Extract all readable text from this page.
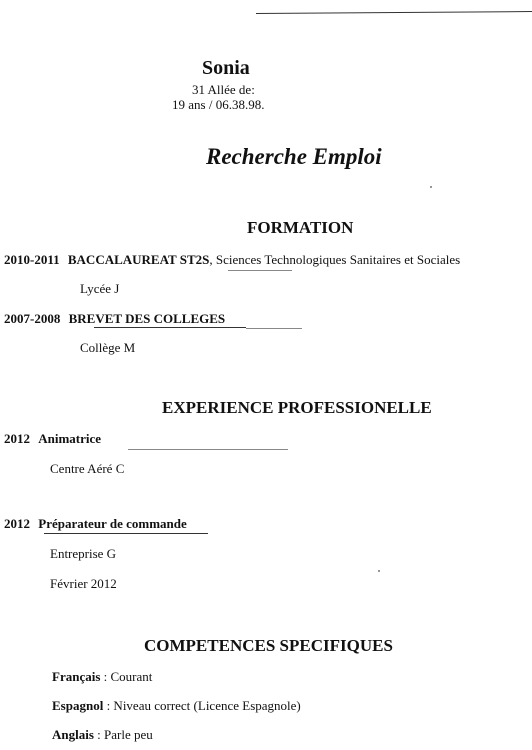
Sonia
31 Allée de:
19 ans / 06.38.98.
Recherche Emploi
FORMATION
2010-2011 BACCALAUREAT ST2S, Sciences Technologiques Sanitaires et Sociales
Lycée J
2007-2008 BREVET DES COLLEGES
Collège M
EXPERIENCE PROFESSIONELLE
2012 Animatrice
Centre Aéré C
2012 Préparateur de commande
Entreprise G
Février 2012
COMPETENCES SPECIFIQUES
Français : Courant
Espagnol : Niveau correct (Licence Espagnole)
Anglais : Parle peu
